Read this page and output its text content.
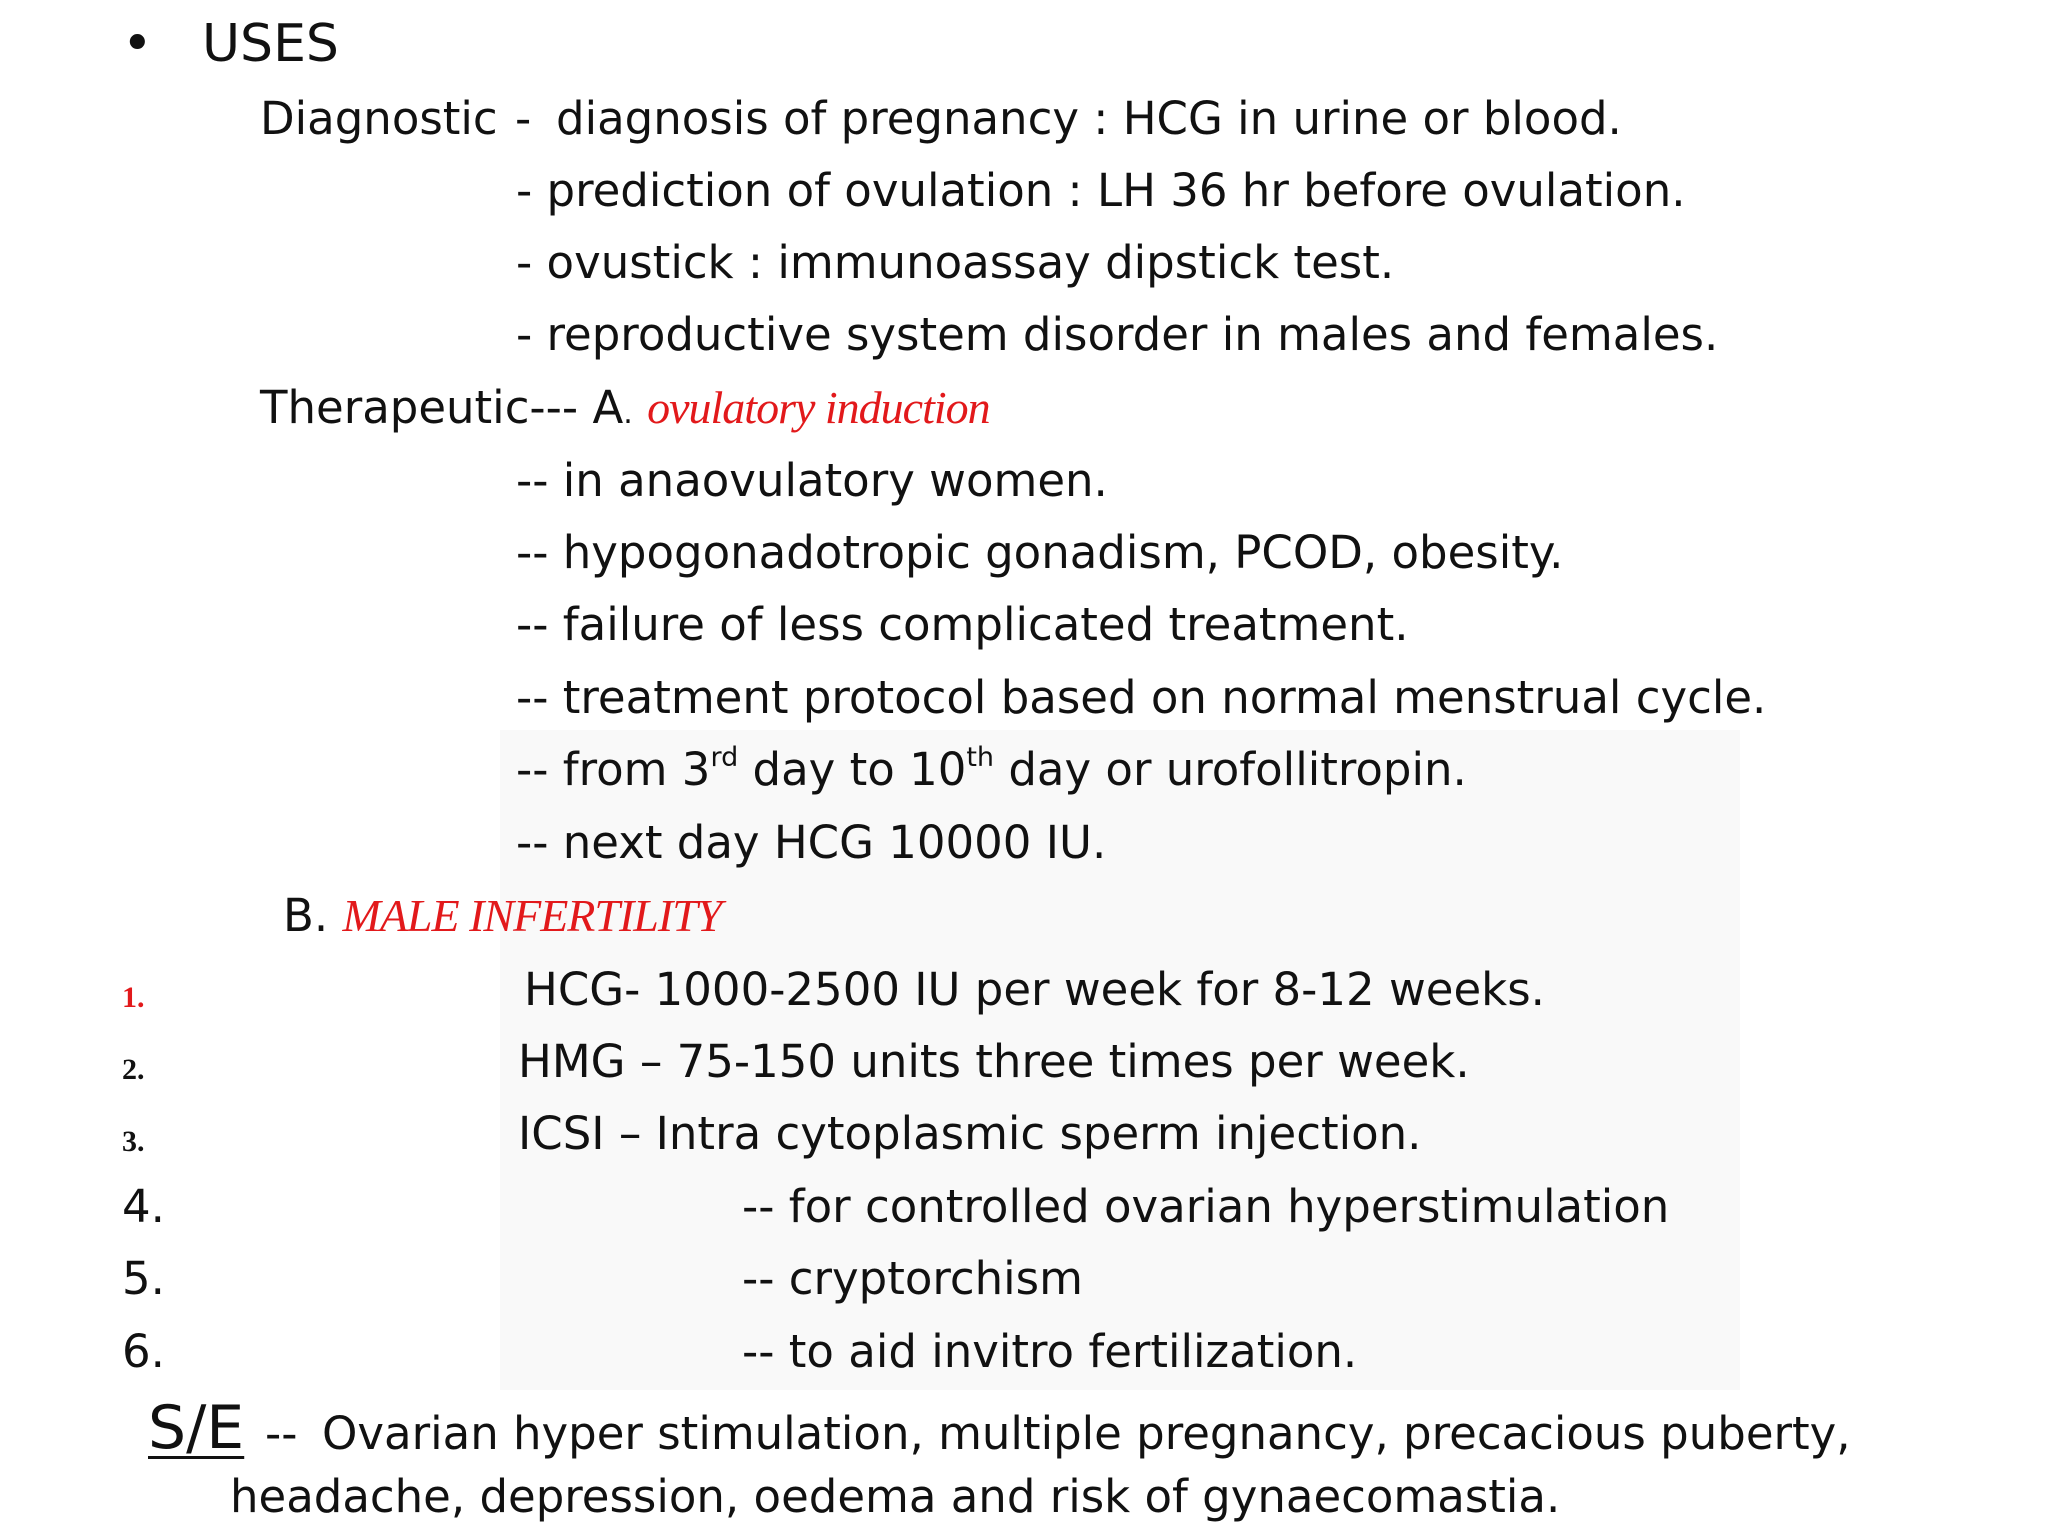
• USES
Diagnostic - diagnosis of pregnancy : HCG in urine or blood.
- prediction of ovulation : LH 36 hr before ovulation.
- ovustick : immunoassay dipstick test.
- reproductive system disorder in males and females.
Therapeutic--- A. ovulatory induction
-- in anaovulatory women.
-- hypogonadotropic gonadism, PCOD, obesity.
-- failure of less complicated treatment.
-- treatment protocol based on normal menstrual cycle.
-- from 3rd day to 10th day or urofollitropin.
-- next day HCG 10000 IU.
B. MALE INFERTILITY
1.	HCG- 1000-2500 IU per week for 8-12 weeks.
2.	HMG – 75-150 units three times per week.
3.	ICSI – Intra cytoplasmic sperm injection.
4.	-- for controlled ovarian hyperstimulation
5.	-- cryptorchism
6.	-- to aid invitro fertilization.
S/E -- Ovarian hyper stimulation, multiple pregnancy, precacious puberty,
headache, depression, oedema and risk of gynaecomastia.
